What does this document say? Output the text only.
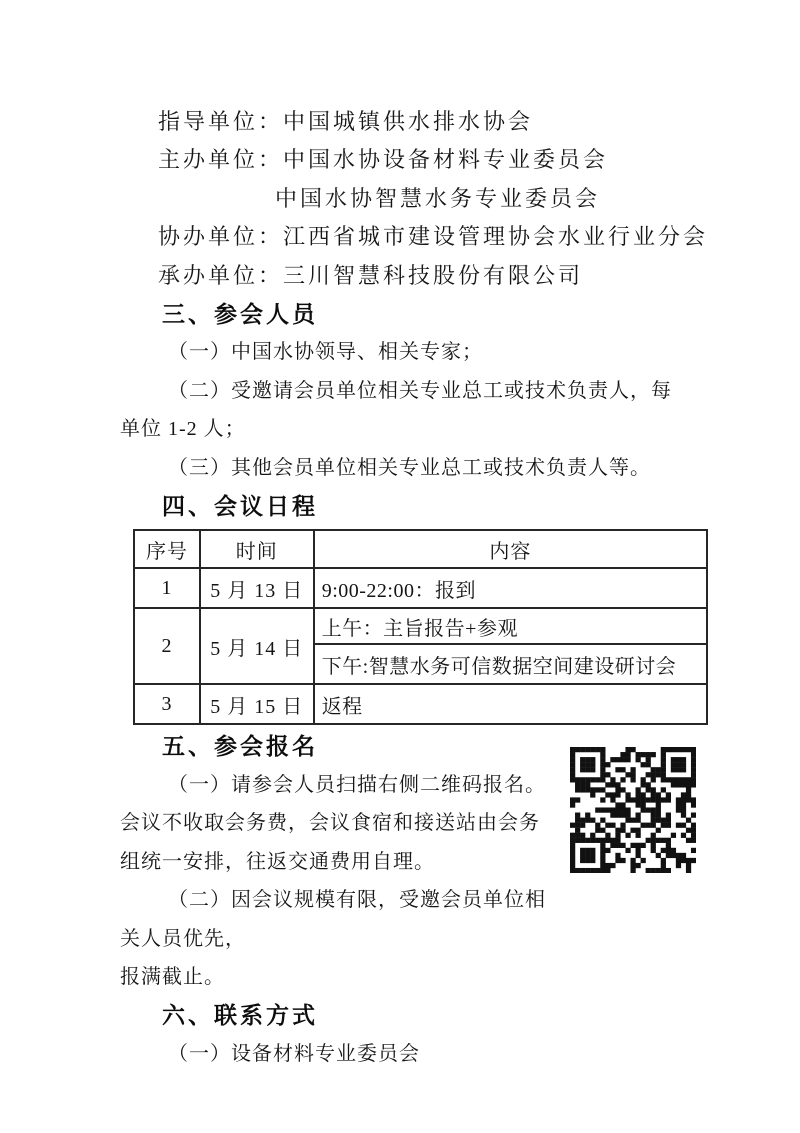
指导单位：中国城镇供水排水协会
主办单位：中国水协设备材料专业委员会
中国水协智慧水务专业委员会
协办单位：江西省城市建设管理协会水业行业分会
承办单位：三川智慧科技股份有限公司
三、参会人员
（一）中国水协领导、相关专家；
（二）受邀请会员单位相关专业总工或技术负责人，每
单位 1-2 人；
（三）其他会员单位相关专业总工或技术负责人等。
四、会议日程
序号	时间	内容
1	5 月 13 日	9:00-22:00：报到
2	5 月 14 日	上午：主旨报告+参观
		下午:智慧水务可信数据空间建设研讨会
3	5 月 15 日	返程
五、参会报名
（一）请参会人员扫描右侧二维码报名。
会议不收取会务费，会议食宿和接送站由会务
组统一安排，往返交通费用自理。
（二）因会议规模有限，受邀会员单位相关人员优先，
报满截止。
六、联系方式
（一）设备材料专业委员会
